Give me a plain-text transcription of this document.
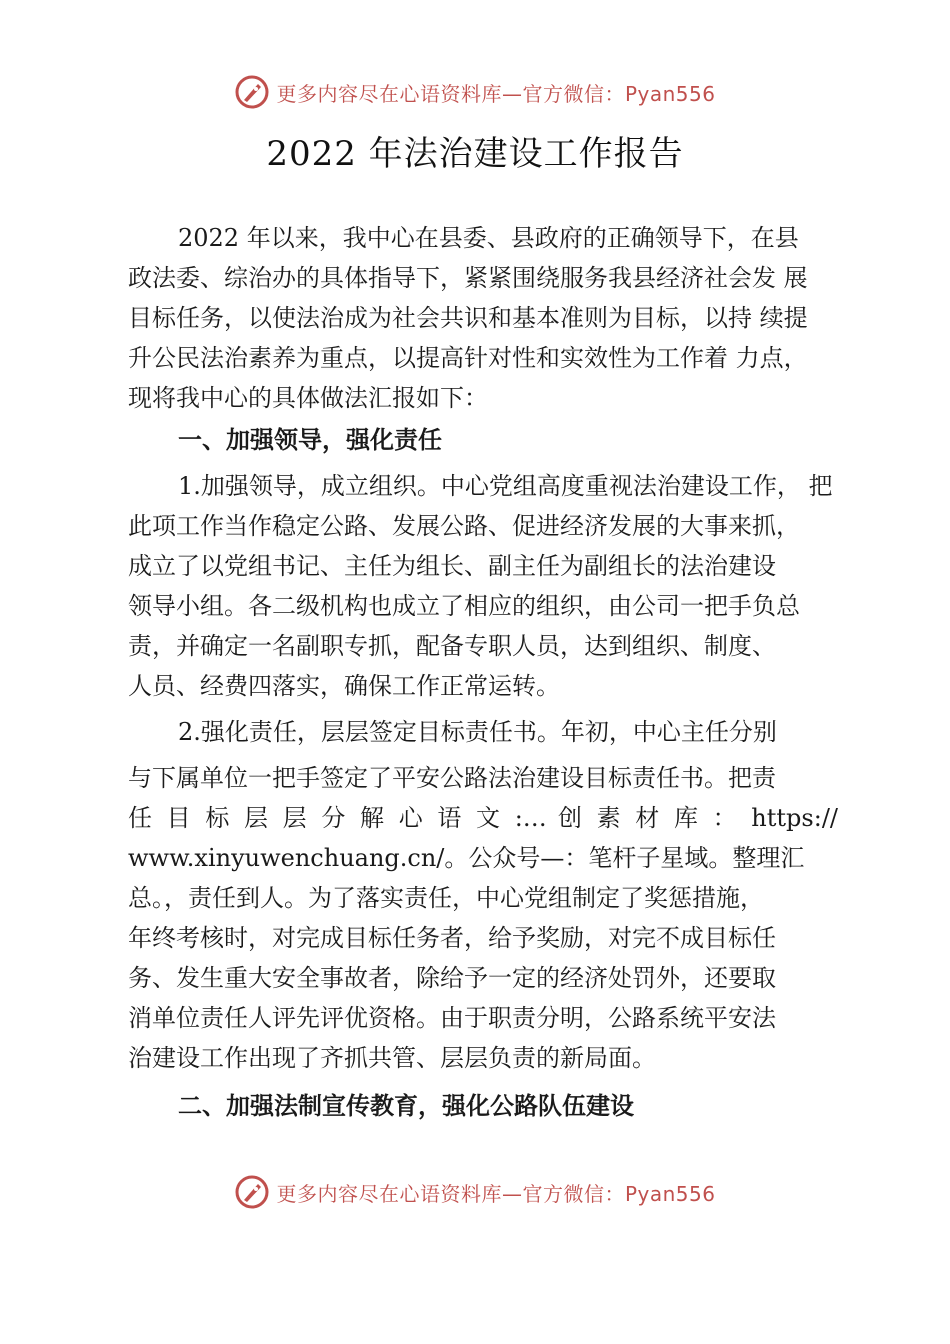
更多内容尽在心语资料库—官方微信：Pyan556
2022 年法治建设工作报告
2022 年以来，我中心在县委、县政府的正确领导下，在县
政法委、综治办的具体指导下，紧紧围绕服务我县经济社会发 展
目标任务，以使法治成为社会共识和基本准则为目标，以持 续提
升公民法治素养为重点，以提高针对性和实效性为工作着 力点，
现将我中心的具体做法汇报如下：
一、加强领导，强化责任
1.加强领导，成立组织。中心党组高度重视法治建设工作， 把
此项工作当作稳定公路、发展公路、促进经济发展的大事来抓，
成立了以党组书记、主任为组长、副主任为副组长的法治建设
领导小组。各二级机构也成立了相应的组织，由公司一把手负总
责，并确定一名副职专抓，配备专职人员，达到组织、制度、
人员、经费四落实，确保工作正常运转。
2.强化责任，层层签定目标责任书。年初，中心主任分别
与下属单位一把手签定了平安公路法治建设目标责任书。把责
任 目 标 层 层 分 解 心 语 文 :… 创 素 材 库 ： https://
www.xinyuwenchuang.cn/。公众号—：笔杆子星域。整理汇
总。，责任到人。为了落实责任，中心党组制定了奖惩措施，
年终考核时，对完成目标任务者，给予奖励，对完不成目标任
务、发生重大安全事故者，除给予一定的经济处罚外，还要取
消单位责任人评先评优资格。由于职责分明，公路系统平安法
治建设工作出现了齐抓共管、层层负责的新局面。
二、加强法制宣传教育，强化公路队伍建设
更多内容尽在心语资料库—官方微信：Pyan556
